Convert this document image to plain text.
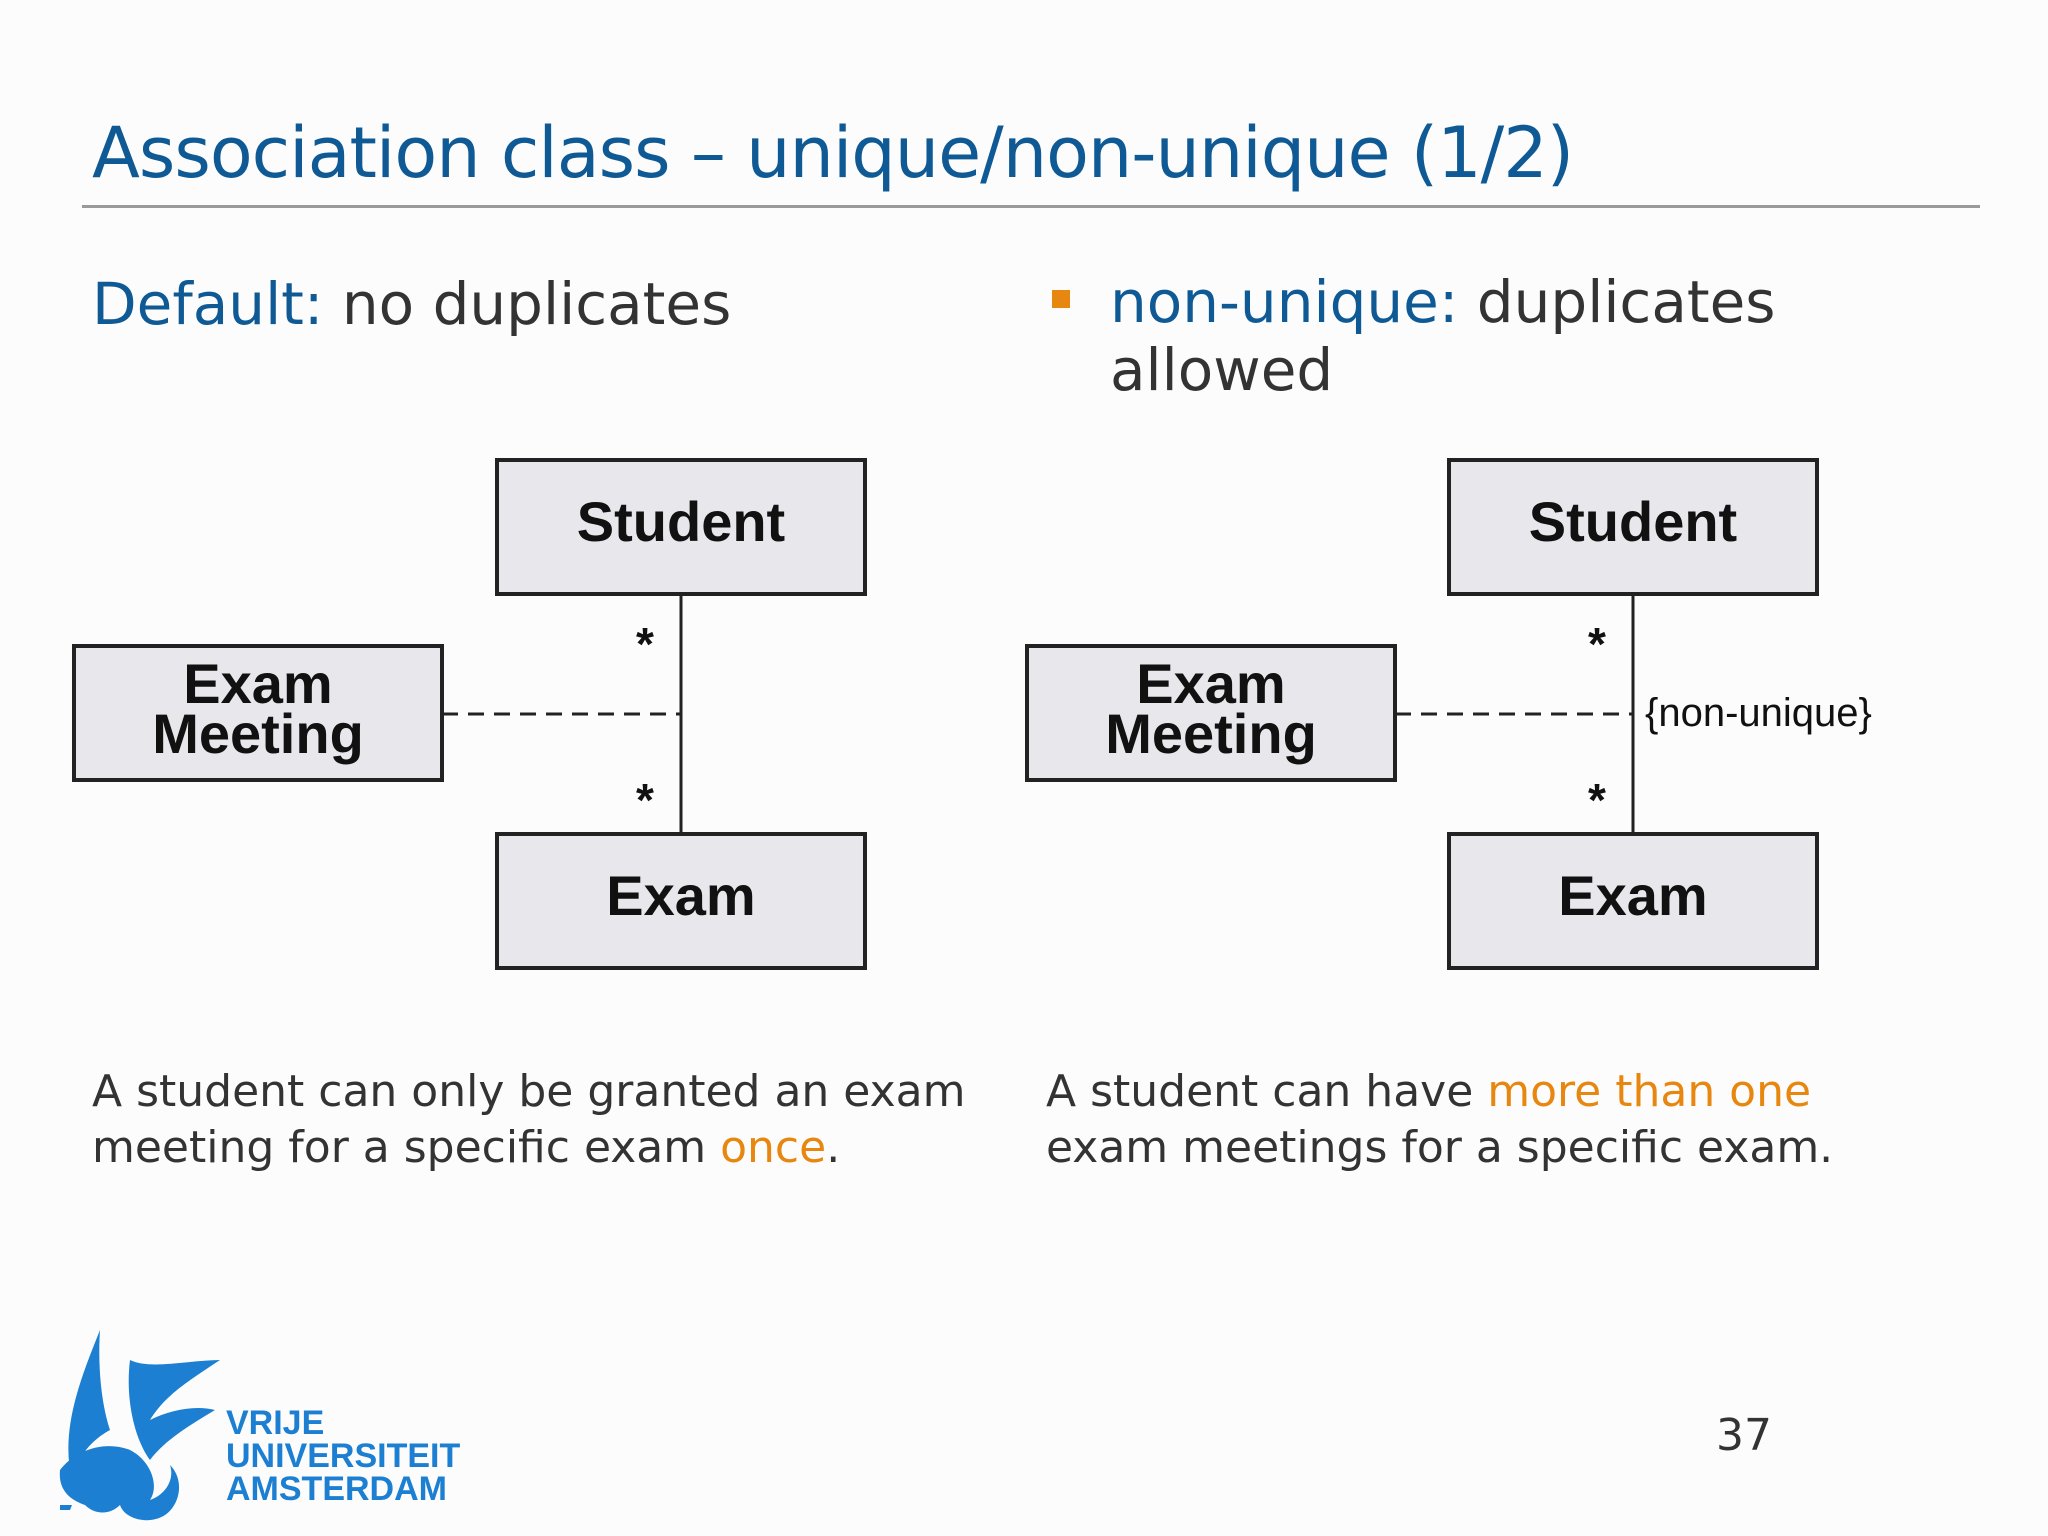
Association class – unique/non-unique (1/2)
Default: no duplicates	non-unique: duplicates allowed
Student
Exam
Exam
Meeting
*
*
Student
Exam
Exam
Meeting
*
*
{non-unique}
A student can only be granted an exam meeting for a specific exam once.
A student can have more than one exam meetings for a specific exam.
VRIJE
UNIVERSITEIT
AMSTERDAM
37
